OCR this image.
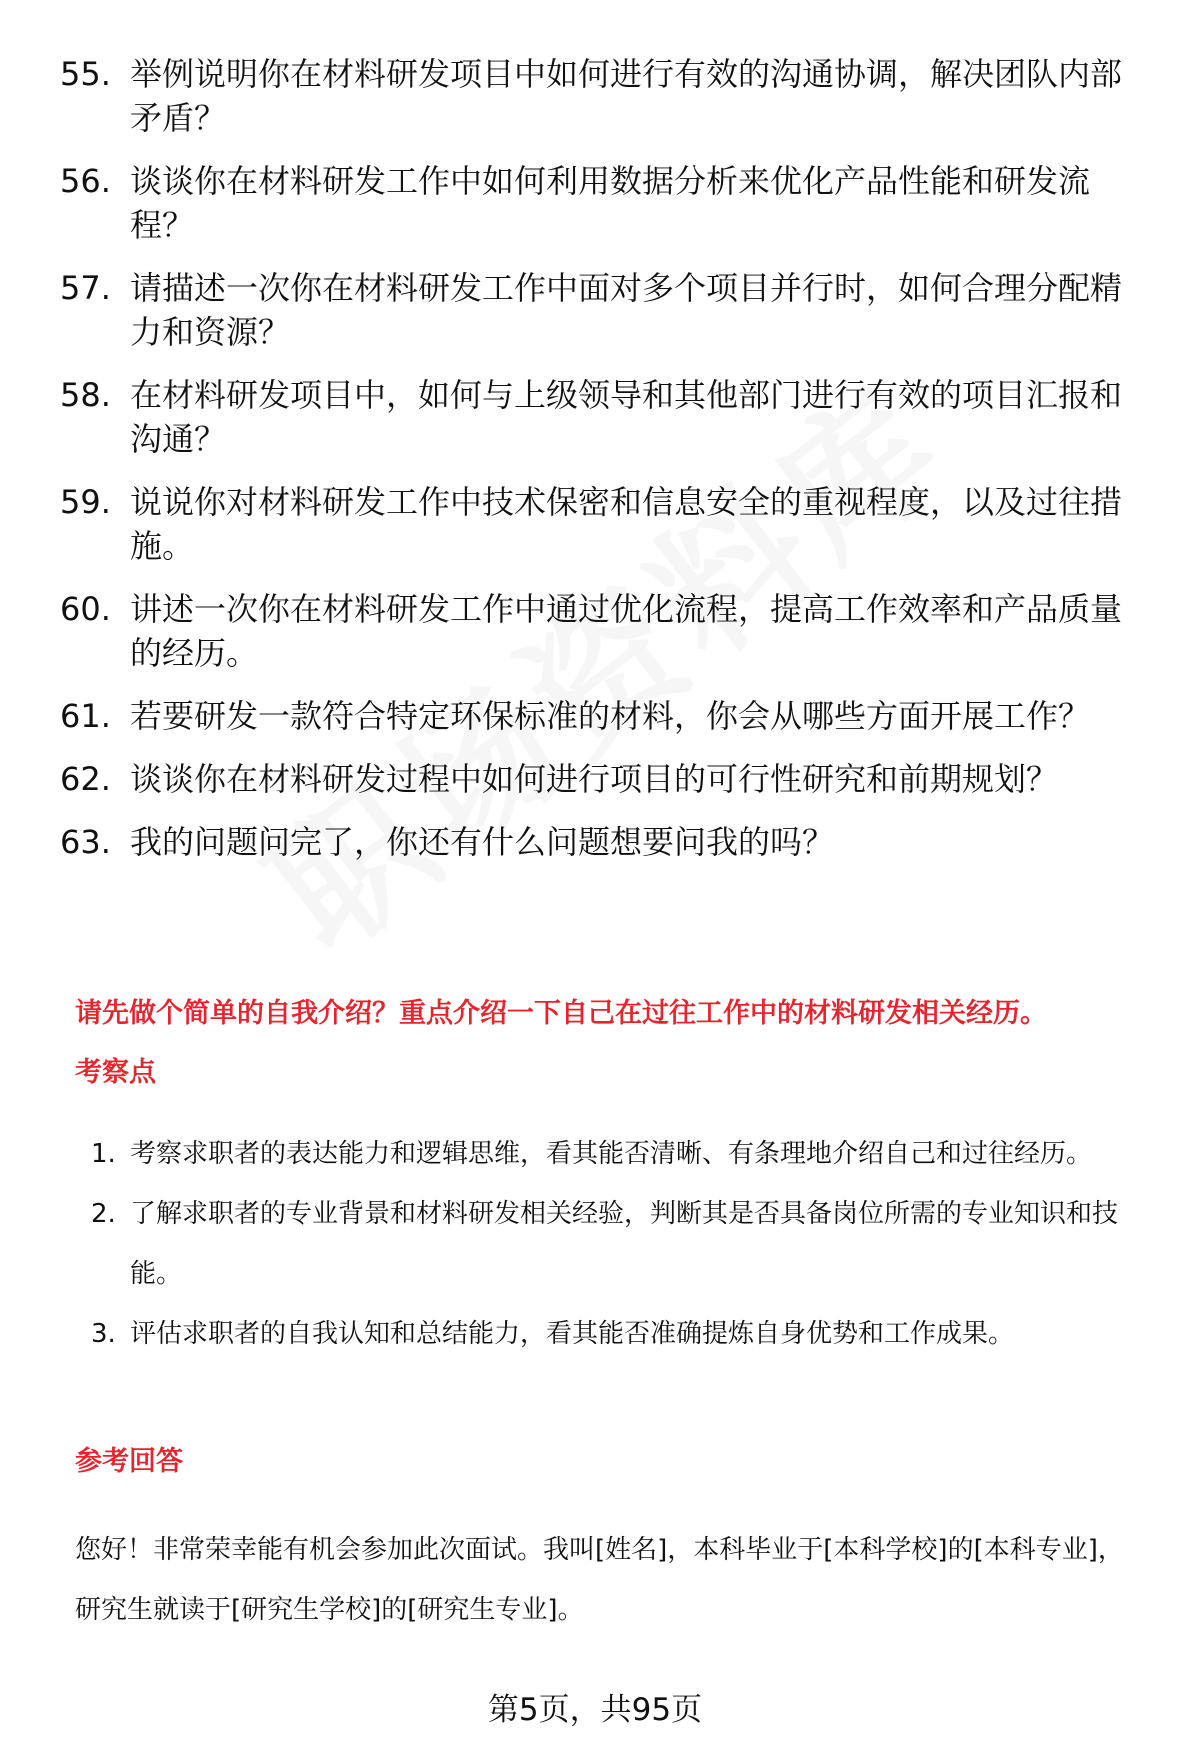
55. 举例说明你在材料研发项目中如何进行有效的沟通协调，解决团队内部矛盾？
56. 谈谈你在材料研发工作中如何利用数据分析来优化产品性能和研发流程？
57. 请描述一次你在材料研发工作中面对多个项目并行时，如何合理分配精力和资源？
58. 在材料研发项目中，如何与上级领导和其他部门进行有效的项目汇报和沟通？
59. 说说你对材料研发工作中技术保密和信息安全的重视程度，以及过往措施。
60. 讲述一次你在材料研发工作中通过优化流程，提高工作效率和产品质量的经历。
61. 若要研发一款符合特定环保标准的材料，你会从哪些方面开展工作？
62. 谈谈你在材料研发过程中如何进行项目的可行性研究和前期规划？
63. 我的问题问完了，你还有什么问题想要问我的吗？
请先做个简单的自我介绍？重点介绍一下自己在过往工作中的材料研发相关经历。
考察点
1. 考察求职者的表达能力和逻辑思维，看其能否清晰、有条理地介绍自己和过往经历。
2. 了解求职者的专业背景和材料研发相关经验，判断其是否具备岗位所需的专业知识和技能。
3. 评估求职者的自我认知和总结能力，看其能否准确提炼自身优势和工作成果。
参考回答
您好！非常荣幸能有机会参加此次面试。我叫[姓名]，本科毕业于[本科学校]的[本科专业]，研究生就读于[研究生学校]的[研究生专业]。
第5页，共95页
